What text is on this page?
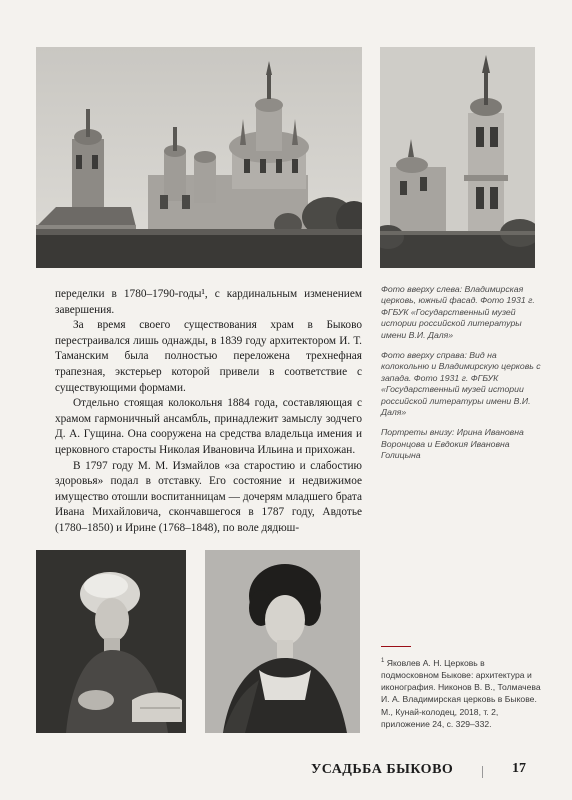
переделки в 1780–1790-годы¹, с кардинальным изменением завершения.

За время своего существования храм в Быково перестраивался лишь однажды, в 1839 году архитектором И. Т. Таманским была полностью переложена трехнефная трапезная, экстерьер которой привели в соответствие с существующими формами.

Отдельно стоящая колокольня 1884 года, составляющая с храмом гармоничный ансамбль, принадлежит замыслу зодчего Д. А. Гущина. Она сооружена на средства владельца имения и церковного старосты Николая Ивановича Ильина и прихожан.

В 1797 году М. М. Измайлов «за старостию и слабостию здоровья» подал в отставку. Его состояние и недвижимое имущество отошли воспитанницам — дочерям младшего брата Ивана Михайловича, скончавшегося в 1787 году, Авдотье (1780–1850) и Ирине (1768–1848), по воле дядюш-

Фото вверху слева: Владимирская церковь, южный фасад. Фото 1931 г. ФГБУК «Государственный музей истории российской литературы имени В.И. Даля»

Фото вверху справа: Вид на колокольню и Владимирскую церковь с запада. Фото 1931 г. ФГБУК «Государственный музей истории российской литературы имени В.И. Даля»

Портреты внизу: Ирина Ивановна Воронцова и Евдокия Ивановна Голицына

$^1$ Яковлев А. Н. Церковь в подмосковном Быкове: архитектура и иконография. Никонов В. В., Толмачева И. А. Владимирская церковь в Быкове. М., Кунай-колодец, 2018, т. 2, приложение 24, с. 329–332.
УСАДЬБА БЫКОВО	17
